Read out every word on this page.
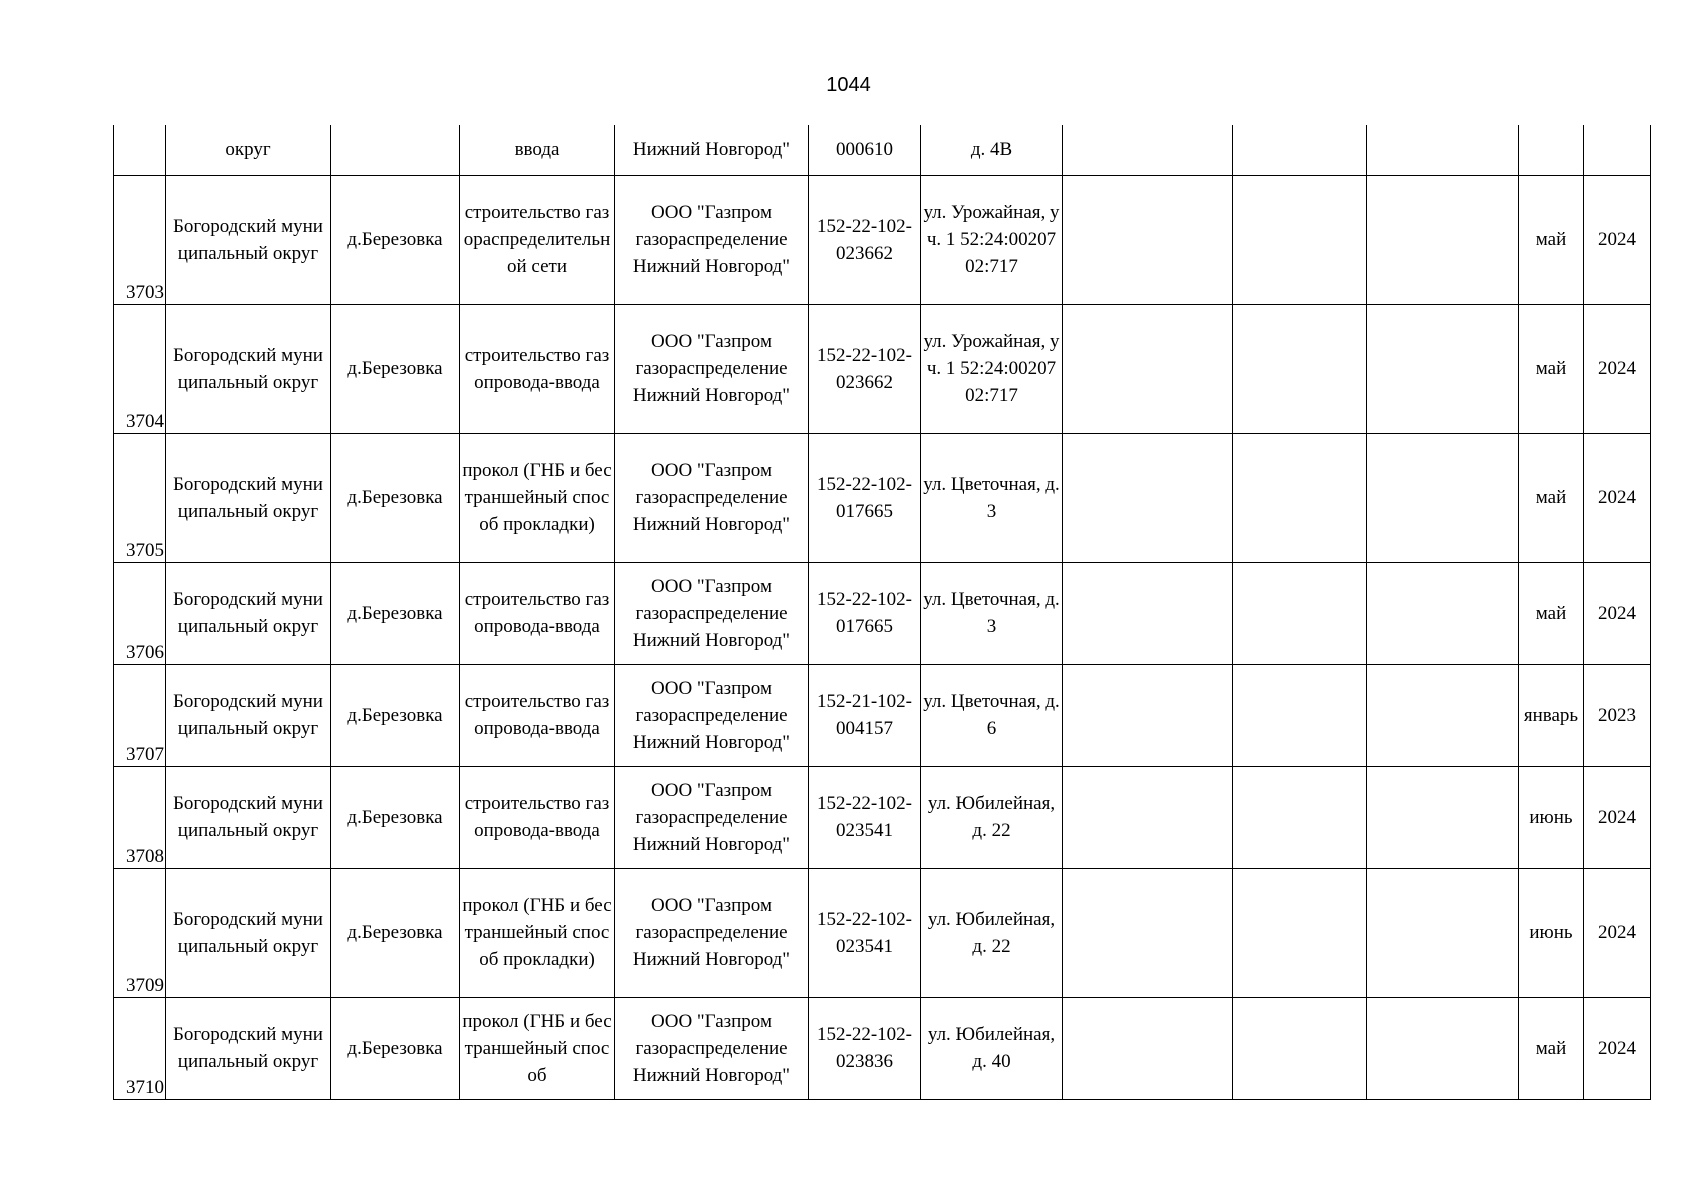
1044
	округ		ввода	Нижний Новгород"	000610	д. 4В					
3703	Богородский муниципальный округ	д.Березовка	строительство газораспределительной сети	ООО "Газпром газораспределение Нижний Новгород"	152-22-102-023662	ул. Урожайная, уч. 1 52:24:0020702:717				май	2024
3704	Богородский муниципальный округ	д.Березовка	строительство газопровода-ввода	ООО "Газпром газораспределение Нижний Новгород"	152-22-102-023662	ул. Урожайная, уч. 1 52:24:0020702:717				май	2024
3705	Богородский муниципальный округ	д.Березовка	прокол (ГНБ и бестраншейный способ прокладки)	ООО "Газпром газораспределение Нижний Новгород"	152-22-102-017665	ул. Цветочная, д. 3				май	2024
3706	Богородский муниципальный округ	д.Березовка	строительство газопровода-ввода	ООО "Газпром газораспределение Нижний Новгород"	152-22-102-017665	ул. Цветочная, д. 3				май	2024
3707	Богородский муниципальный округ	д.Березовка	строительство газопровода-ввода	ООО "Газпром газораспределение Нижний Новгород"	152-21-102-004157	ул. Цветочная, д. 6				январь	2023
3708	Богородский муниципальный округ	д.Березовка	строительство газопровода-ввода	ООО "Газпром газораспределение Нижний Новгород"	152-22-102-023541	ул. Юбилейная, д. 22				июнь	2024
3709	Богородский муниципальный округ	д.Березовка	прокол (ГНБ и бестраншейный способ прокладки)	ООО "Газпром газораспределение Нижний Новгород"	152-22-102-023541	ул. Юбилейная, д. 22				июнь	2024
3710	Богородский муниципальный округ	д.Березовка	прокол (ГНБ и бестраншейный способ	ООО "Газпром газораспределение Нижний Новгород"	152-22-102-023836	ул. Юбилейная, д. 40				май	2024
